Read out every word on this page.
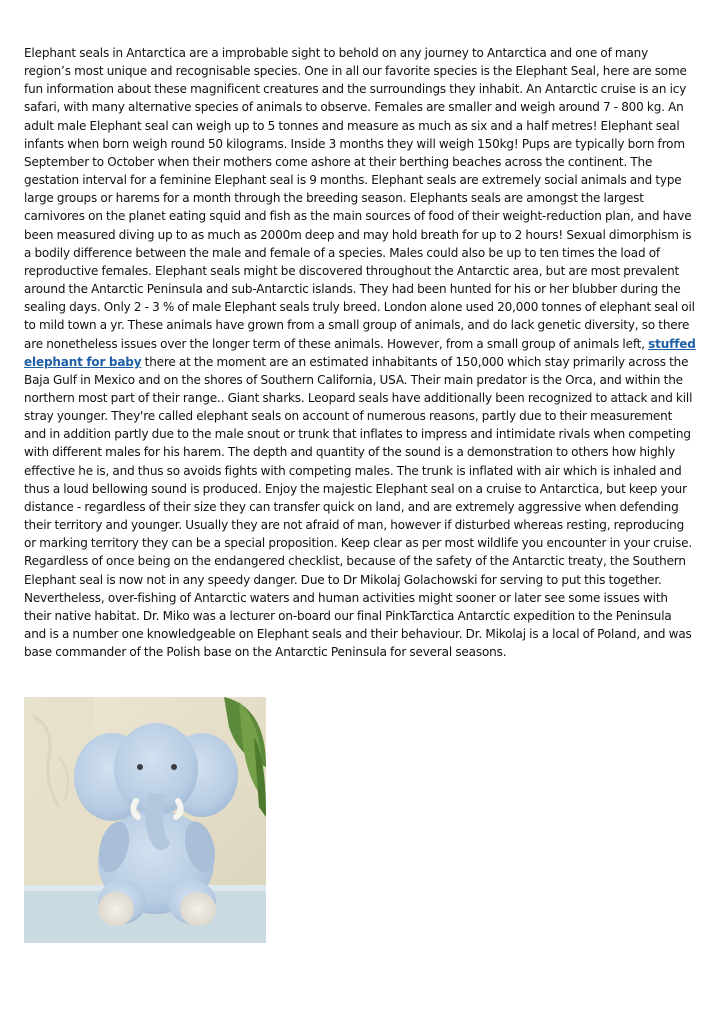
Elephant seals in Antarctica are a improbable sight to behold on any journey to Antarctica and one of many region’s most unique and recognisable species. One in all our favorite species is the Elephant Seal, here are some fun information about these magnificent creatures and the surroundings they inhabit. An Antarctic cruise is an icy safari, with many alternative species of animals to observe. Females are smaller and weigh around 7 - 800 kg. An adult male Elephant seal can weigh up to 5 tonnes and measure as much as six and a half metres! Elephant seal infants when born weigh round 50 kilograms. Inside 3 months they will weigh 150kg! Pups are typically born from September to October when their mothers come ashore at their berthing beaches across the continent. The gestation interval for a feminine Elephant seal is 9 months. Elephant seals are extremely social animals and type large groups or harems for a month through the breeding season. Elephants seals are amongst the largest carnivores on the planet eating squid and fish as the main sources of food of their weight-reduction plan, and have been measured diving up to as much as 2000m deep and may hold breath for up to 2 hours! Sexual dimorphism is a bodily difference between the male and female of a species. Males could also be up to ten times the load of reproductive females. Elephant seals might be discovered throughout the Antarctic area, but are most prevalent around the Antarctic Peninsula and sub-Antarctic islands. They had been hunted for his or her blubber during the sealing days. Only 2 - 3 % of male Elephant seals truly breed. London alone used 20,000 tonnes of elephant seal oil to mild town a yr. These animals have grown from a small group of animals, and do lack genetic diversity, so there are nonetheless issues over the longer term of these animals. However, from a small group of animals left, stuffed elephant for baby there at the moment are an estimated inhabitants of 150,000 which stay primarily across the Baja Gulf in Mexico and on the shores of Southern California, USA. Their main predator is the Orca, and within the northern most part of their range.. Giant sharks. Leopard seals have additionally been recognized to attack and kill stray younger. They're called elephant seals on account of numerous reasons, partly due to their measurement and in addition partly due to the male snout or trunk that inflates to impress and intimidate rivals when competing with different males for his harem. The depth and quantity of the sound is a demonstration to others how highly effective he is, and thus so avoids fights with competing males. The trunk is inflated with air which is inhaled and thus a loud bellowing sound is produced. Enjoy the majestic Elephant seal on a cruise to Antarctica, but keep your distance - regardless of their size they can transfer quick on land, and are extremely aggressive when defending their territory and younger. Usually they are not afraid of man, however if disturbed whereas resting, reproducing or marking territory they can be a special proposition. Keep clear as per most wildlife you encounter in your cruise. Regardless of once being on the endangered checklist, because of the safety of the Antarctic treaty, the Southern Elephant seal is now not in any speedy danger. Due to Dr Mikolaj Golachowski for serving to put this together. Nevertheless, over-fishing of Antarctic waters and human activities might sooner or later see some issues with their native habitat. Dr. Miko was a lecturer on-board our final PinkTarctica Antarctic expedition to the Peninsula and is a number one knowledgeable on Elephant seals and their behaviour. Dr. Mikolaj is a local of Poland, and was base commander of the Polish base on the Antarctic Peninsula for several seasons.
